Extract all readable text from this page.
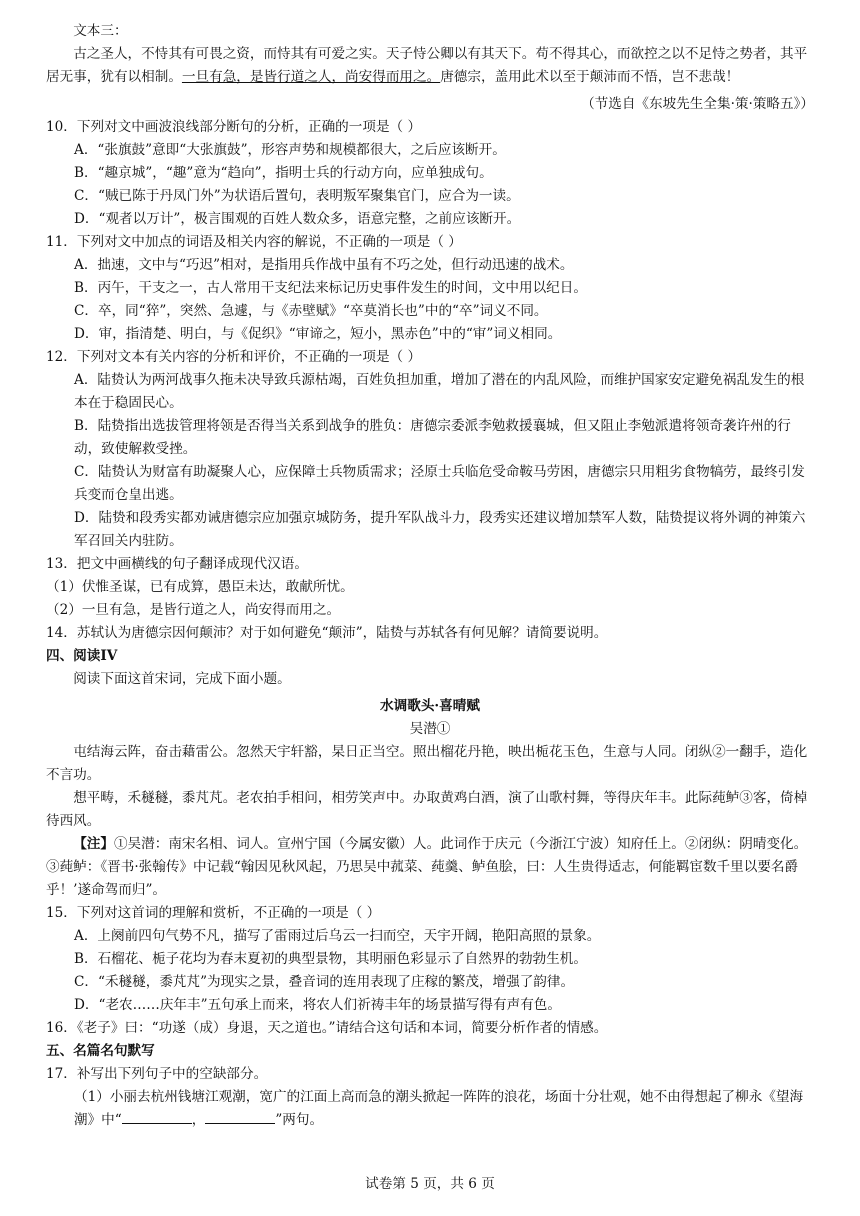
文本三：

古之圣人，不恃其有可畏之资，而恃其有可爱之实。天子恃公卿以有其天下。苟不得其心，而欲控之以不足恃之势者，其平居无事，犹有以相制。一旦有急，是皆行道之人，尚安得而用之。唐德宗，盖用此术以至于颠沛而不悟，岂不悲哉！

（节选自《东坡先生全集·策·策略五》）

10．下列对文中画波浪线部分断句的分析，正确的一项是（ ）

A．“张旗鼓”意即“大张旗鼓”，形容声势和规模都很大，之后应该断开。

B．“趣京城”，“趣”意为“趋向”，指明士兵的行动方向，应单独成句。

C．“贼已陈于丹凤门外”为状语后置句，表明叛军聚集官门，应合为一读。

D．“观者以万计”，极言围观的百姓人数众多，语意完整，之前应该断开。

11．下列对文中加点的词语及相关内容的解说，不正确的一项是（ ）

A．拙速，文中与“巧迟”相对，是指用兵作战中虽有不巧之处，但行动迅速的战术。

B．丙午，干支之一，古人常用干支纪法来标记历史事件发生的时间，文中用以纪日。

C．卒，同“猝”，突然、急遽，与《赤壁赋》“卒莫消长也”中的“卒”词义不同。

D．审，指清楚、明白，与《促织》“审谛之，短小，黑赤色”中的“审”词义相同。

12．下列对文本有关内容的分析和评价，不正确的一项是（ ）

A．陆贽认为两河战事久拖未决导致兵源枯竭，百姓负担加重，增加了潜在的内乱风险，而维护国家安定避免祸乱发生的根本在于稳固民心。

B．陆贽指出选拔管理将领是否得当关系到战争的胜负：唐德宗委派李勉救援襄城，但又阻止李勉派遣将领奇袭许州的行动，致使解救受挫。

C．陆贽认为财富有助凝聚人心，应保障士兵物质需求；泾原士兵临危受命鞍马劳困，唐德宗只用粗劣食物犒劳，最终引发兵变而仓皇出逃。

D．陆贽和段秀实都劝诫唐德宗应加强京城防务，提升军队战斗力，段秀实还建议增加禁军人数，陆贽提议将外调的神策六军召回关内驻防。

13．把文中画横线的句子翻译成现代汉语。

（1）伏惟圣谋，已有成算，愚臣未达，敢献所忧。

（2）一旦有急，是皆行道之人，尚安得而用之。

14．苏轼认为唐德宗因何颠沛？对于如何避免“颠沛”，陆贽与苏轼各有何见解？请简要说明。

四、阅读IV

阅读下面这首宋词，完成下面小题。

水调歌头·喜晴赋

吴潜①

屯结海云阵，奋击藉雷公。忽然天宇轩豁，杲日正当空。照出榴花丹艳，映出栀花玉色，生意与人同。闭纵②一翻手，造化不言功。

想平畴，禾穟穟，黍芃芃。老农拍手相问，相劳笑声中。办取黄鸡白酒，演了山歌村舞，等得庆年丰。此际莼鲈③客，倚棹待西风。

【注】①吴潜：南宋名相、词人。宣州宁国（今属安徽）人。此词作于庆元（今浙江宁波）知府任上。②闭纵：阴晴变化。③莼鲈：《晋书·张翰传》中记载“翰因见秋风起，乃思吴中菰菜、莼羹、鲈鱼脍，曰：人生贵得适志，何能羁宦数千里以要名爵乎！’遂命驾而归”。

15．下列对这首词的理解和赏析，不正确的一项是（ ）

A．上阕前四句气势不凡，描写了雷雨过后乌云一扫而空，天宇开阔，艳阳高照的景象。

B．石榴花、栀子花均为春末夏初的典型景物，其明丽色彩显示了自然界的勃勃生机。

C．“禾穟穟，黍芃芃”为现实之景，叠音词的连用表现了庄稼的繁茂，增强了韵律。

D．“老农……庆年丰”五句承上而来，将农人们祈祷丰年的场景描写得有声有色。

16．《老子》曰：“功遂（成）身退，天之道也。”请结合这句话和本词，简要分析作者的情感。

五、名篇名句默写

17．补写出下列句子中的空缺部分。

（1）小丽去杭州钱塘江观潮，宽广的江面上高而急的潮头掀起一阵阵的浪花，场面十分壮观，她不由得想起了柳永《望海潮》中“	，	”两句。

试卷第 5 页，共 6 页
